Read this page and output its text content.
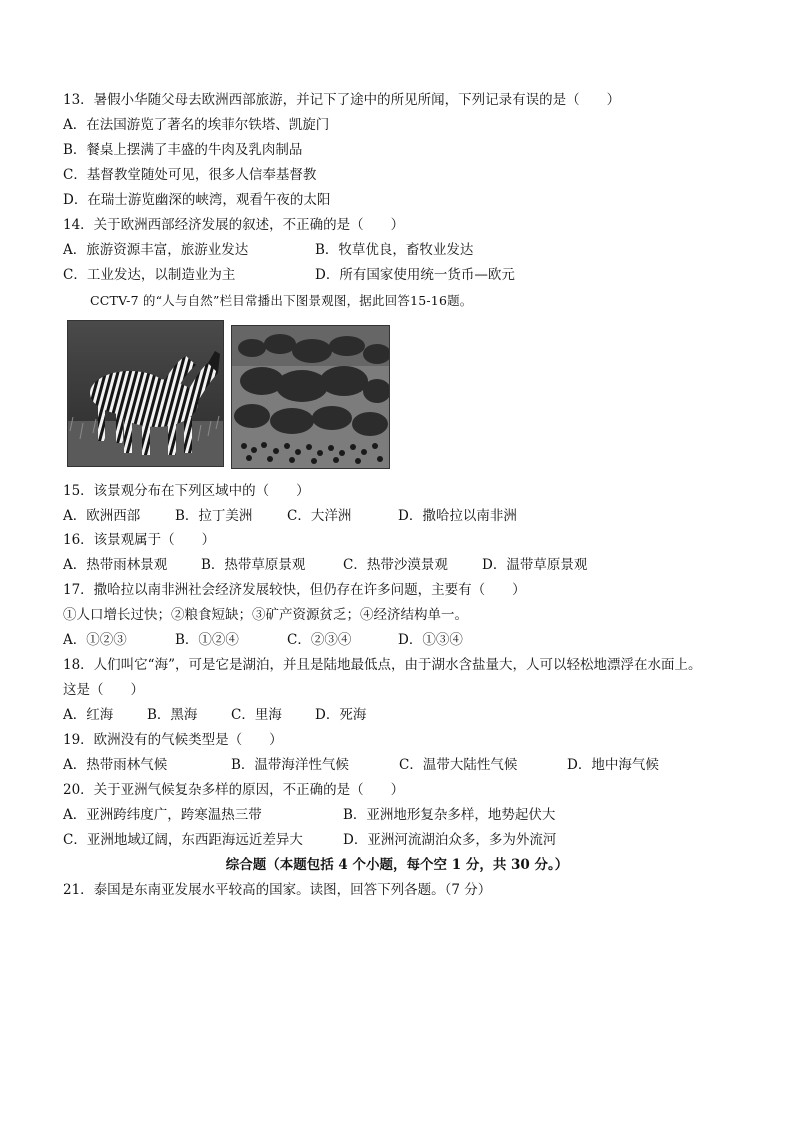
13．暑假小华随父母去欧洲西部旅游，并记下了途中的所见所闻，下列记录有误的是（　　）
A．在法国游览了著名的埃菲尔铁塔、凯旋门
B．餐桌上摆满了丰盛的牛肉及乳肉制品
C．基督教堂随处可见，很多人信奉基督教
D．在瑞士游览幽深的峡湾，观看午夜的太阳
14．关于欧洲西部经济发展的叙述，不正确的是（　　）
A．旅游资源丰富，旅游业发达	B．牧草优良，畜牧业发达
C．工业发达，以制造业为主	D．所有国家使用统一货币—欧元
CCTV-7 的“人与自然”栏目常播出下图景观图，据此回答15-16题。
15．该景观分布在下列区域中的（　　）
A．欧洲西部	B．拉丁美洲	C．大洋洲	D．撒哈拉以南非洲
16．该景观属于（　　）
A．热带雨林景观	B．热带草原景观	C．热带沙漠景观	D．温带草原景观
17．撒哈拉以南非洲社会经济发展较快，但仍存在许多问题，主要有（　　）
①人口增长过快；②粮食短缺；③矿产资源贫乏；④经济结构单一。
A．①②③	B．①②④	C．②③④	D．①③④
18．人们叫它“海”，可是它是湖泊，并且是陆地最低点，由于湖水含盐量大，人可以轻松地漂浮在水面上。
这是（　　）
A．红海	B．黑海 C．里海 D．死海
19．欧洲没有的气候类型是（　　）
A．热带雨林气候	B．温带海洋性气候	C．温带大陆性气候	D．地中海气候
20．关于亚洲气候复杂多样的原因，不正确的是（　　）
A．亚洲跨纬度广，跨寒温热三带	B．亚洲地形复杂多样，地势起伏大
C．亚洲地域辽阔，东西距海远近差异大	D．亚洲河流湖泊众多，多为外流河
综合题（本题包括 4 个小题，每个空 1 分，共 30 分。）
21．泰国是东南亚发展水平较高的国家。读图，回答下列各题。（7 分）
